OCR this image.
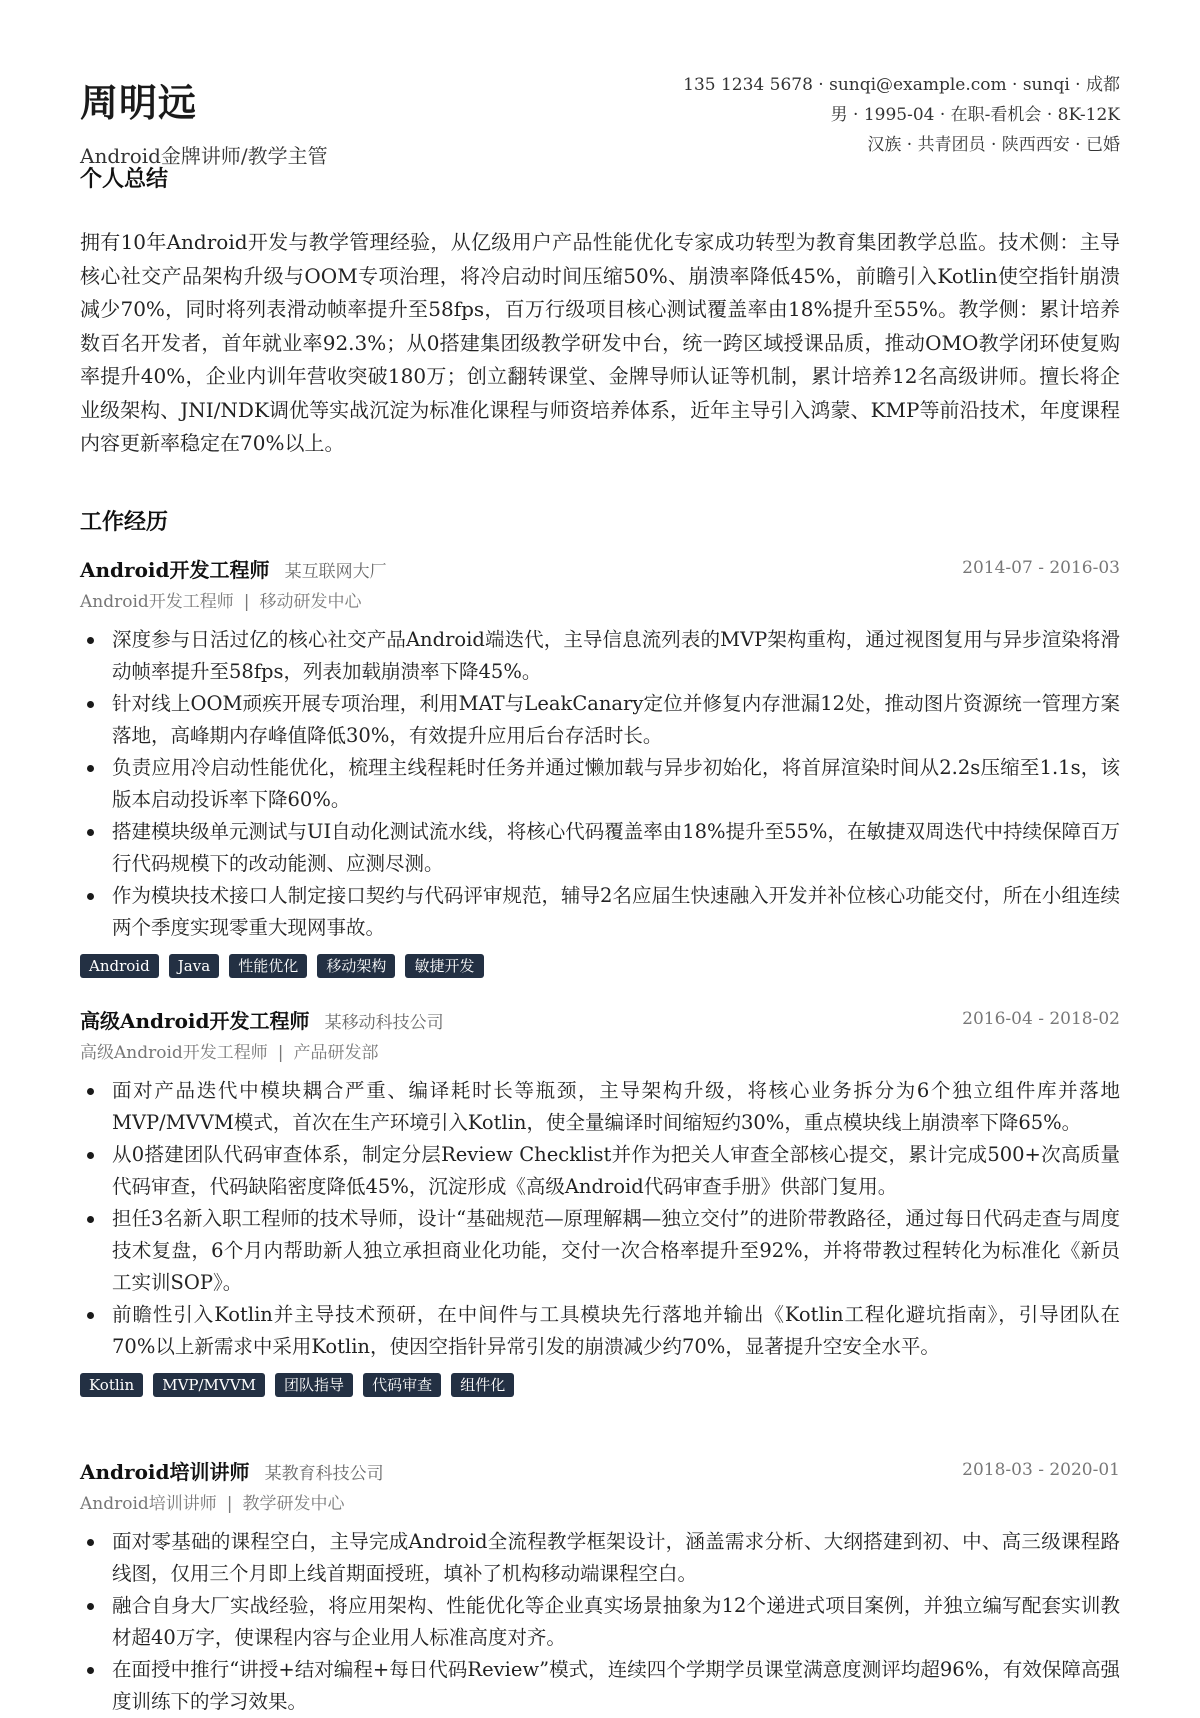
周明远
Android金牌讲师/教学主管
135 1234 5678 · sunqi@example.com · sunqi · 成都
男 · 1995-04 · 在职-看机会 · 8K-12K
汉族 · 共青团员 · 陕西西安 · 已婚
个人总结

拥有10年Android开发与教学管理经验，从亿级用户产品性能优化专家成功转型为教育集团教学总监。技术侧：主导核心社交产品架构升级与OOM专项治理，将冷启动时间压缩50%、崩溃率降低45%，前瞻引入Kotlin使空指针崩溃减少70%，同时将列表滑动帧率提升至58fps，百万行级项目核心测试覆盖率由18%提升至55%。教学侧：累计培养数百名开发者，首年就业率92.3%；从0搭建集团级教学研发中台，统一跨区域授课品质，推动OMO教学闭环使复购率提升40%，企业内训年营收突破180万；创立翻转课堂、金牌导师认证等机制，累计培养12名高级讲师。擅长将企业级架构、JNI/NDK调优等实战沉淀为标准化课程与师资培养体系，近年主导引入鸿蒙、KMP等前沿技术，年度课程内容更新率稳定在70%以上。

工作经历
Android开发工程师 某互联网大厂	2014-07 - 2016-03
Android开发工程师 | 移动研发中心
深度参与日活过亿的核心社交产品Android端迭代，主导信息流列表的MVP架构重构，通过视图复用与异步渲染将滑动帧率提升至58fps，列表加载崩溃率下降45%。
针对线上OOM顽疾开展专项治理，利用MAT与LeakCanary定位并修复内存泄漏12处，推动图片资源统一管理方案落地，高峰期内存峰值降低30%，有效提升应用后台存活时长。
负责应用冷启动性能优化，梳理主线程耗时任务并通过懒加载与异步初始化，将首屏渲染时间从2.2s压缩至1.1s，该版本启动投诉率下降60%。
搭建模块级单元测试与UI自动化测试流水线，将核心代码覆盖率由18%提升至55%，在敏捷双周迭代中持续保障百万行代码规模下的改动能测、应测尽测。
作为模块技术接口人制定接口契约与代码评审规范，辅导2名应届生快速融入开发并补位核心功能交付，所在小组连续两个季度实现零重大现网事故。
Android Java 性能优化 移动架构 敏捷开发
高级Android开发工程师 某移动科技公司	2016-04 - 2018-02
高级Android开发工程师 | 产品研发部
面对产品迭代中模块耦合严重、编译耗时长等瓶颈，主导架构升级，将核心业务拆分为6个独立组件库并落地MVP/MVVM模式，首次在生产环境引入Kotlin，使全量编译时间缩短约30%，重点模块线上崩溃率下降65%。
从0搭建团队代码审查体系，制定分层Review Checklist并作为把关人审查全部核心提交，累计完成500+次高质量代码审查，代码缺陷密度降低45%，沉淀形成《高级Android代码审查手册》供部门复用。
担任3名新入职工程师的技术导师，设计“基础规范—原理解耦—独立交付”的进阶带教路径，通过每日代码走查与周度技术复盘，6个月内帮助新人独立承担商业化功能，交付一次合格率提升至92%，并将带教过程转化为标准化《新员工实训SOP》。
前瞻性引入Kotlin并主导技术预研，在中间件与工具模块先行落地并输出《Kotlin工程化避坑指南》，引导团队在70%以上新需求中采用Kotlin，使因空指针异常引发的崩溃减少约70%，显著提升空安全水平。
Kotlin MVP/MVVM 团队指导 代码审查 组件化
Android培训讲师 某教育科技公司	2018-03 - 2020-01
Android培训讲师 | 教学研发中心
面对零基础的课程空白，主导完成Android全流程教学框架设计，涵盖需求分析、大纲搭建到初、中、高三级课程路线图，仅用三个月即上线首期面授班，填补了机构移动端课程空白。
融合自身大厂实战经验，将应用架构、性能优化等企业真实场景抽象为12个递进式项目案例，并独立编写配套实训教材超40万字，使课程内容与企业用人标准高度对齐。
在面授中推行“讲授+结对编程+每日代码Review”模式，连续四个学期学员课堂满意度测评均超96%，有效保障高强度训练下的学习效果。
